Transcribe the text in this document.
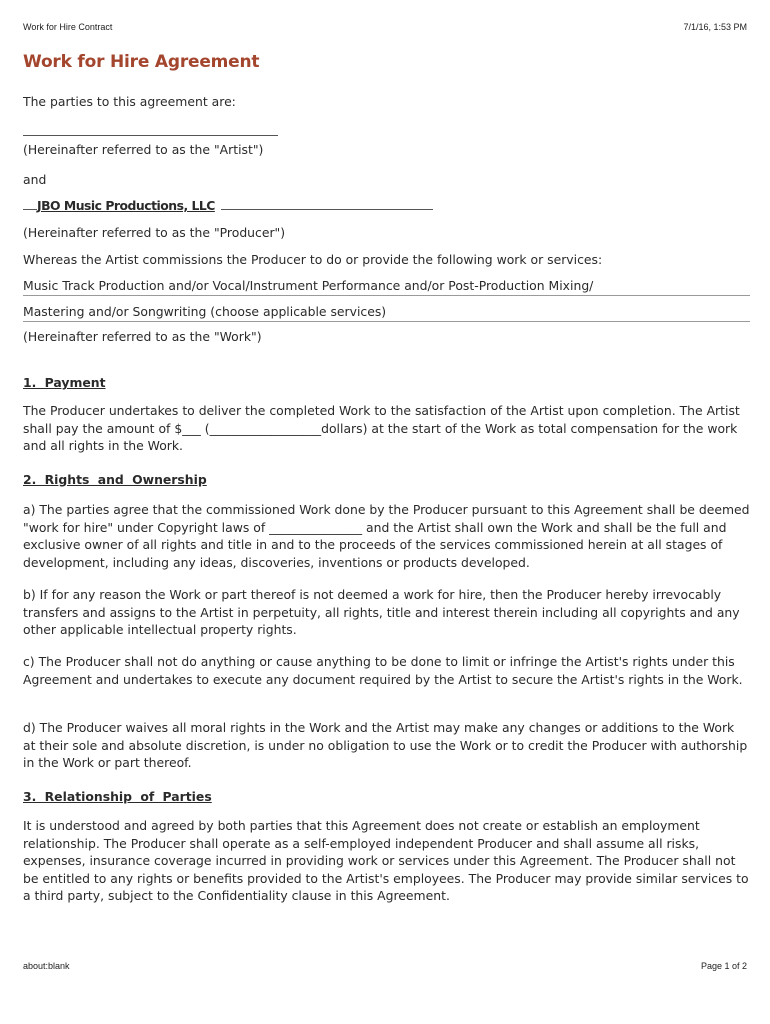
Work for Hire Contract	7/1/16, 1:53 PM
Work for Hire Agreement
The parties to this agreement are:
(Hereinafter referred to as the "Artist")
and
JBO Music Productions, LLC
(Hereinafter referred to as the "Producer")
Whereas the Artist commissions the Producer to do or provide the following work or services:
Music Track Production and/or Vocal/Instrument Performance and/or Post-Production Mixing/
Mastering and/or Songwriting (choose applicable services)
(Hereinafter referred to as the "Work")
1. Payment
The Producer undertakes to deliver the completed Work to the satisfaction of the Artist upon completion. The Artist shall pay the amount of $___ (__________________dollars) at the start of the Work as total compensation for the work and all rights in the Work.
2. Rights and Ownership
a) The parties agree that the commissioned Work done by the Producer pursuant to this Agreement shall be deemed "work for hire" under Copyright laws of _______________ and the Artist shall own the Work and shall be the full and exclusive owner of all rights and title in and to the proceeds of the services commissioned herein at all stages of development, including any ideas, discoveries, inventions or products developed.
b) If for any reason the Work or part thereof is not deemed a work for hire, then the Producer hereby irrevocably transfers and assigns to the Artist in perpetuity, all rights, title and interest therein including all copyrights and any other applicable intellectual property rights.
c) The Producer shall not do anything or cause anything to be done to limit or infringe the Artist's rights under this Agreement and undertakes to execute any document required by the Artist to secure the Artist's rights in the Work.
d) The Producer waives all moral rights in the Work and the Artist may make any changes or additions to the Work at their sole and absolute discretion, is under no obligation to use the Work or to credit the Producer with authorship in the Work or part thereof.
3. Relationship of Parties
It is understood and agreed by both parties that this Agreement does not create or establish an employment relationship. The Producer shall operate as a self-employed independent Producer and shall assume all risks, expenses, insurance coverage incurred in providing work or services under this Agreement. The Producer shall not be entitled to any rights or benefits provided to the Artist's employees. The Producer may provide similar services to a third party, subject to the Confidentiality clause in this Agreement.
about:blank	Page 1 of 2
